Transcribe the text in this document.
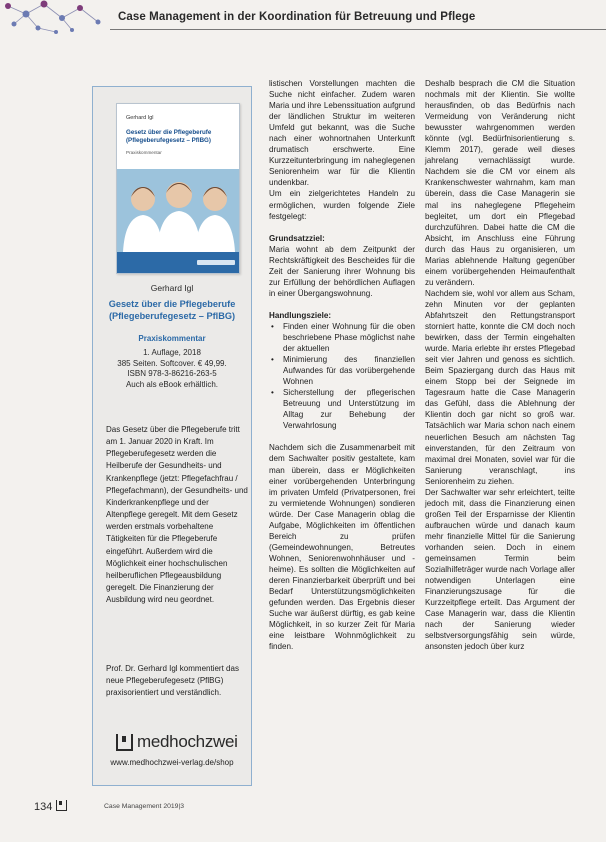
Case Management in der Koordination für Betreuung und Pflege
Gerhard Igl
Gesetz über die Pflegeberufe (Pflegeberufegesetz – PflBG)
Praxiskommentar
Gerhard Igl
Gesetz über die Pflegeberufe (Pflegeberufegesetz – PflBG)
Praxiskommentar
1. Auflage, 2018
385 Seiten. Softcover. € 49,99.
ISBN 978-3-86216-263-5
Auch als eBook erhältlich.

Das Gesetz über die Pflegeberufe tritt am 1. Januar 2020 in Kraft. Im Pflegeberufegesetz werden die Heilberufe der Gesundheits- und Krankenpflege (jetzt: Pflegefachfrau / Pflegefachmann), der Gesundheits- und Kinderkrankenpflege und der Altenpflege geregelt. Mit dem Gesetz werden erstmals vorbehaltene Tätigkeiten für die Pflegeberufe eingeführt. Außerdem wird die Möglichkeit einer hochschulischen heilberuflichen Pflegeausbildung geregelt. Die Finanzierung der Ausbildung wird neu geordnet.

Prof. Dr. Gerhard Igl kommentiert das neue Pflegeberufegesetz (PflBG) praxisorientiert und verständlich.
medhochzwei
www.medhochzwei-verlag.de/shop

listischen Vorstellungen machten die Suche nicht einfacher. Zudem waren Maria und ihre Lebenssituation aufgrund der ländlichen Struktur im weiteren Umfeld gut bekannt, was die Suche nach einer wohnortnahen Unterkunft drumatisch erschwerte. Eine Kurzzeitunterbringung im naheglegenen Seniorenheim war für die Klientin undenkbar.

Um ein zielgerichtetes Handeln zu ermöglichen, wurden folgende Ziele festgelegt:

Grundsatzziel:

Maria wohnt ab dem Zeitpunkt der Rechtskräftigkeit des Bescheides für die Zeit der Sanierung ihrer Wohnung bis zur Erfüllung der behördlichen Auflagen in einer Übergangswohnung.

Handlungsziele:

• Finden einer Wohnung für die oben beschriebene Phase möglichst nahe der aktuellen
• Minimierung des finanziellen Aufwandes für das vorübergehende Wohnen
• Sicherstellung der pflegerischen Betreuung und Unterstützung im Alltag zur Behebung der Verwahrlosung

Nachdem sich die Zusammenarbeit mit dem Sachwalter positiv gestaltete, kam man überein, dass er Möglichkeiten einer vorübergehenden Unterbringung im privaten Umfeld (Privatpersonen, frei zu vermietende Wohnungen) sondieren würde. Der Case Managerin oblag die Aufgabe, Möglichkeiten im öffentlichen Bereich zu prüfen (Gemeindewohnungen, Betreutes Wohnen, Seniorenwohnhäuser und -heime). Es sollten die Möglichkeiten auf deren Finanzierbarkeit überprüft und bei Bedarf Unterstützungsmöglichkeiten gefunden werden. Das Ergebnis dieser Suche war äußerst dürftig, es gab keine Möglichkeit, in so kurzer Zeit für Maria eine leistbare Wohnmöglichkeit zu finden.

Deshalb besprach die CM die Situation nochmals mit der Klientin. Sie wollte herausfinden, ob das Bedürfnis nach Vermeidung von Veränderung nicht bewusster wahrgenommen werden könnte (vgl. Bedürfnisorientierung s. Klemm 2017), gerade weil dieses jahrelang vernachlässigt wurde. Nachdem sie die CM vor einem als Krankenschwester wahrnahm, kam man überein, dass die Case Managerin sie mal ins naheglegene Pflegeheim begleitet, um dort ein Pflegebad durchzuführen. Dabei hatte die CM die Absicht, im Anschluss eine Führung durch das Haus zu organisieren, um Marias ablehnende Haltung gegenüber einem vorübergehenden Heimaufenthalt zu verändern.

Nachdem sie, wohl vor allem aus Scham, zehn Minuten vor der geplanten Abfahrtszeit den Rettungstransport storniert hatte, konnte die CM doch noch bewirken, dass der Termin eingehalten wurde. Maria erlebte ihr erstes Pflegebad seit vier Jahren und genoss es sichtlich. Beim Spaziergang durch das Haus mit einem Stopp bei der Seignede im Tagesraum hatte die Case Managerin das Gefühl, dass die Ablehnung der Klientin doch gar nicht so groß war. Tatsächlich war Maria schon nach einem neuerlichen Besuch am nächsten Tag einverstanden, für den Zeitraum von maximal drei Monaten, soviel war für die Sanierung veranschlagt, ins Seniorenheim zu ziehen.

Der Sachwalter war sehr erleichtert, teilte jedoch mit, dass die Finanzierung einen großen Teil der Ersparnisse der Klientin aufbrauchen würde und danach kaum mehr finanzielle Mittel für die Sanierung vorhanden seien. Doch in einem gemeinsamen Termin beim Sozialhilfeträger wurde nach Vorlage aller notwendigen Unterlagen eine Finanzierungszusage für die Kurzzeitpflege erteilt. Das Argument der Case Managerin war, dass die Klientin nach der Sanierung wieder selbstversorgungsfähig sein würde, ansonsten jedoch über kurz

134	Case Management 2019|3
